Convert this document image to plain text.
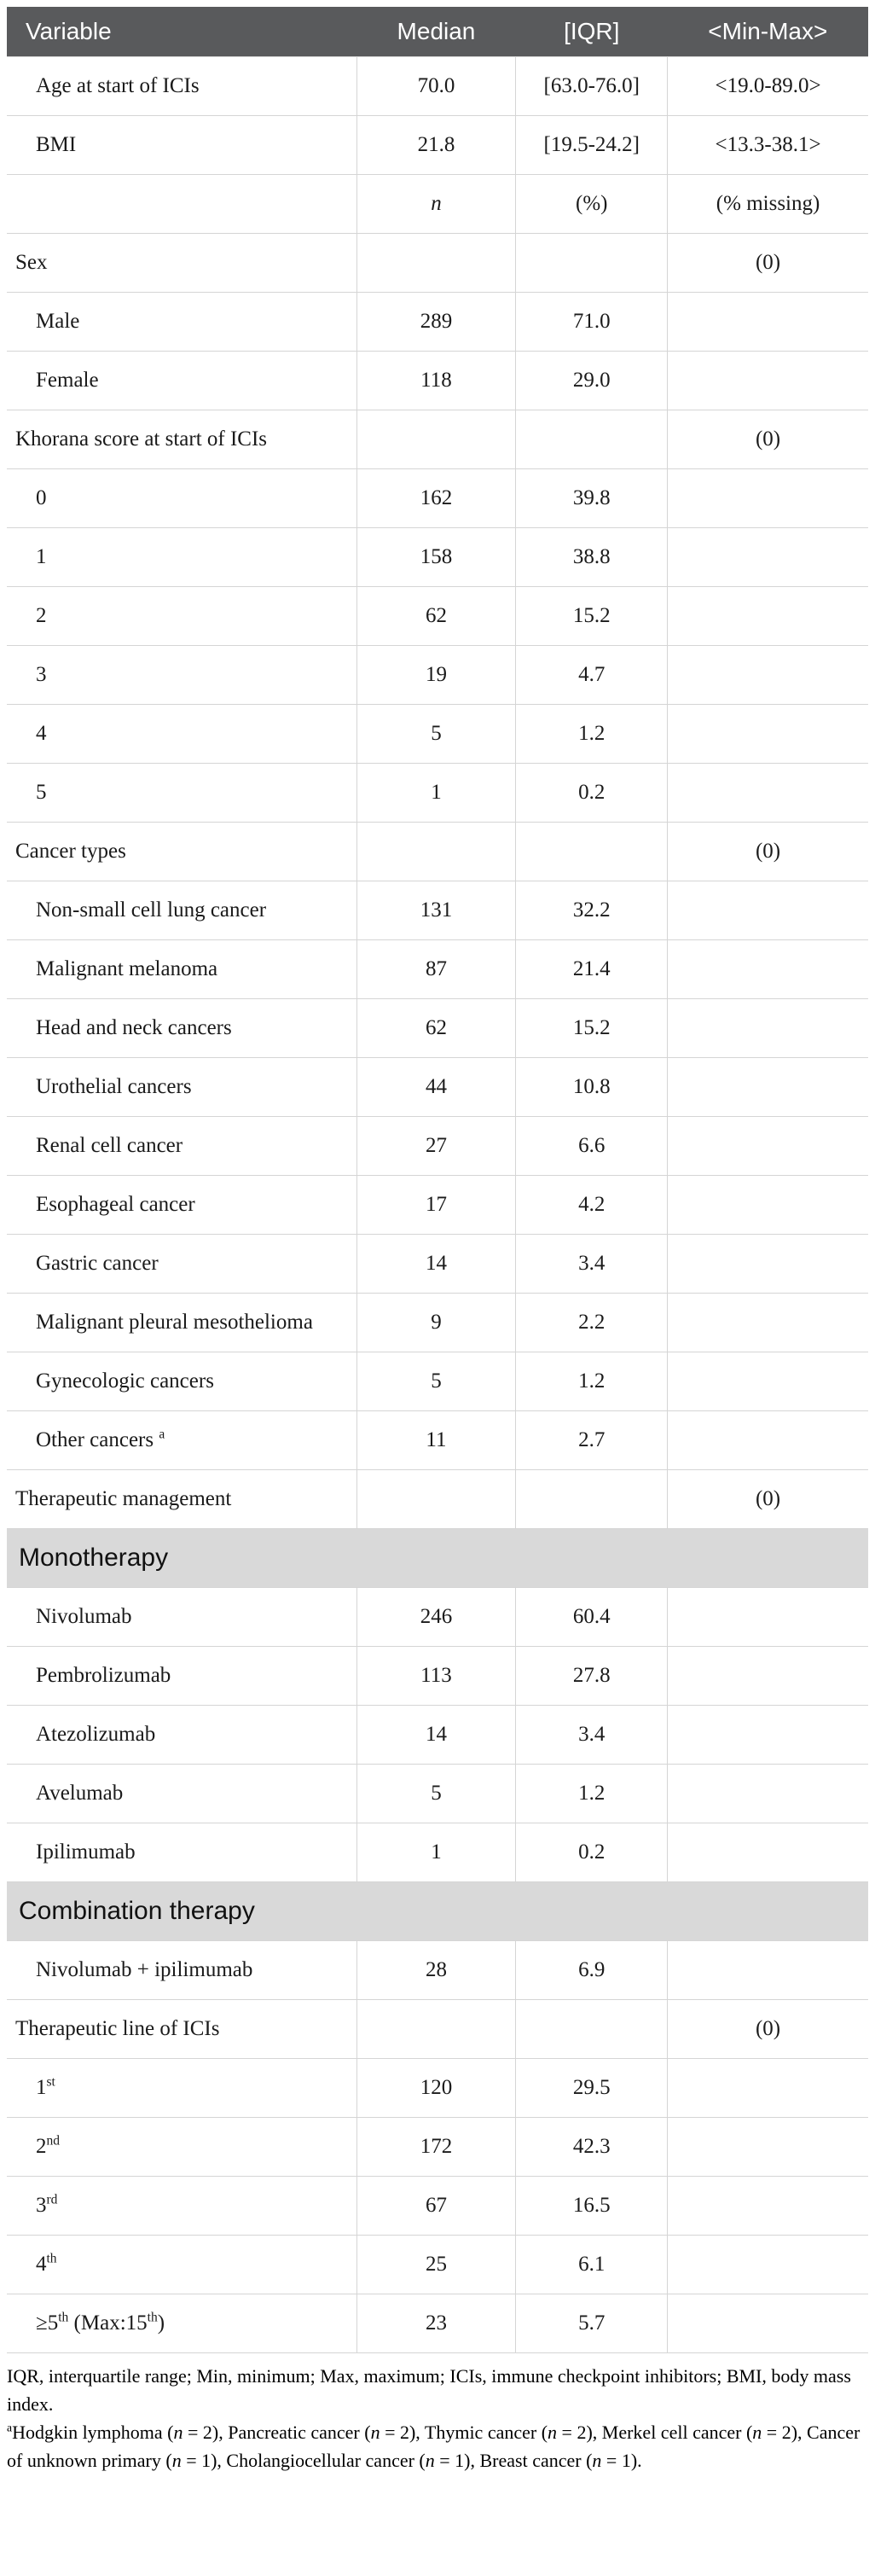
Variable	Median	[IQR]	<Min-Max>
Age at start of ICIs	70.0	[63.0-76.0]	<19.0-89.0>
BMI	21.8	[19.5-24.2]	<13.3-38.1>
	n	(%)	(% missing)
Sex			(0)
Male	289	71.0	
Female	118	29.0	
Khorana score at start of ICIs			(0)
0	162	39.8	
1	158	38.8	
2	62	15.2	
3	19	4.7	
4	5	1.2	
5	1	0.2	
Cancer types			(0)
Non-small cell lung cancer	131	32.2	
Malignant melanoma	87	21.4	
Head and neck cancers	62	15.2	
Urothelial cancers	44	10.8	
Renal cell cancer	27	6.6	
Esophageal cancer	17	4.2	
Gastric cancer	14	3.4	
Malignant pleural mesothelioma	9	2.2	
Gynecologic cancers	5	1.2	
Other cancers $^a$	11	2.7	
Therapeutic management			(0)
Monotherapy			
Nivolumab	246	60.4	
Pembrolizumab	113	27.8	
Atezolizumab	14	3.4	
Avelumab	5	1.2	
Ipilimumab	1	0.2	
Combination therapy			
Nivolumab + ipilimumab	28	6.9	
Therapeutic line of ICIs			(0)
1st	120	29.5	
2nd	172	42.3	
3rd	67	16.5	
4th	25	6.1	
≥5th (Max:15th)	23	5.7	

IQR, interquartile range; Min, minimum; Max, maximum; ICIs, immune checkpoint inhibitors; BMI, body mass index.

$^a$Hodgkin lymphoma (n = 2), Pancreatic cancer (n = 2), Thymic cancer (n = 2), Merkel cell cancer (n = 2), Cancer of unknown primary (n = 1), Cholangiocellular cancer (n = 1), Breast cancer (n = 1).
